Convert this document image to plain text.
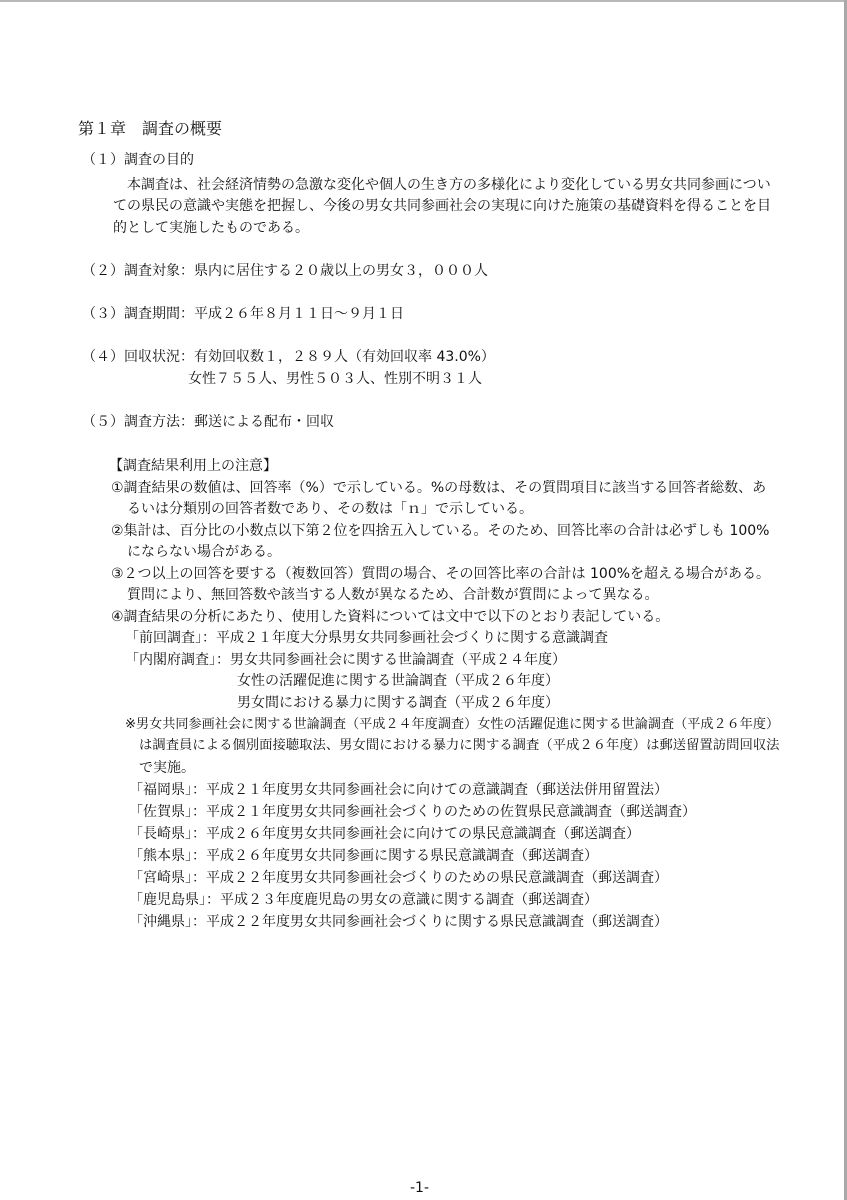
第１章　調査の概要
（１）調査の目的
本調査は、社会経済情勢の急激な変化や個人の生き方の多様化により変化している男女共同参画につい
ての県民の意識や実態を把握し、今後の男女共同参画社会の実現に向けた施策の基礎資料を得ることを目
的として実施したものである。
（２）調査対象：県内に居住する２０歳以上の男女３，０００人
（３）調査期間：平成２６年８月１１日～９月１日
（４）回収状況：有効回収数１，２８９人（有効回収率 43.0%）
女性７５５人、男性５０３人、性別不明３１人
（５）調査方法：郵送による配布・回収
【調査結果利用上の注意】
①調査結果の数値は、回答率（%）で示している。%の母数は、その質問項目に該当する回答者総数、あ
るいは分類別の回答者数であり、その数は「ｎ」で示している。
②集計は、百分比の小数点以下第２位を四捨五入している。そのため、回答比率の合計は必ずしも 100%
にならない場合がある。
③２つ以上の回答を要する（複数回答）質問の場合、その回答比率の合計は 100%を超える場合がある。
質問により、無回答数や該当する人数が異なるため、合計数が質問によって異なる。
④調査結果の分析にあたり、使用した資料については文中で以下のとおり表記している。
「前回調査」：平成２１年度大分県男女共同参画社会づくりに関する意識調査
「内閣府調査」：男女共同参画社会に関する世論調査（平成２４年度）
女性の活躍促進に関する世論調査（平成２６年度）
男女間における暴力に関する調査（平成２６年度）
※男女共同参画社会に関する世論調査（平成２４年度調査）女性の活躍促進に関する世論調査（平成２６年度）
は調査員による個別面接聴取法、男女間における暴力に関する調査（平成２６年度）は郵送留置訪問回収法
で実施。
「福岡県」：平成２１年度男女共同参画社会に向けての意識調査（郵送法併用留置法）
「佐賀県」：平成２１年度男女共同参画社会づくりのための佐賀県民意識調査（郵送調査）
「長崎県」：平成２６年度男女共同参画社会に向けての県民意識調査（郵送調査）
「熊本県」：平成２６年度男女共同参画に関する県民意識調査（郵送調査）
「宮崎県」：平成２２年度男女共同参画社会づくりのための県民意識調査（郵送調査）
「鹿児島県」：平成２３年度鹿児島の男女の意識に関する調査（郵送調査）
「沖縄県」：平成２２年度男女共同参画社会づくりに関する県民意識調査（郵送調査）
-1-
